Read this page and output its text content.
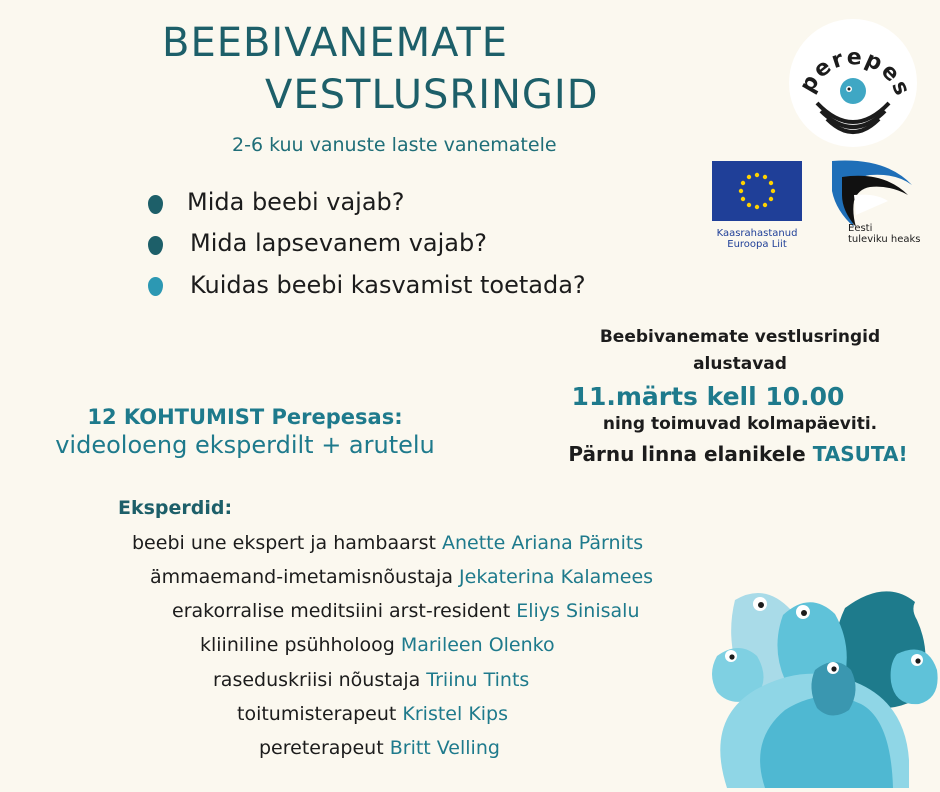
BEEBIVANEMATE
VESTLUSRINGID
2-6 kuu vanuste laste vanematele
Mida beebi vajab?
Mida lapsevanem vajab?
Kuidas beebi kasvamist toetada?
perepes
Kaasrahastanud
Euroopa Liit
Eesti
tuleviku heaks
12 KOHTUMIST Perepesas:
videoloeng eksperdilt + arutelu
Beebivanemate vestlusringid
alustavad
11.märts kell 10.00
ning toimuvad kolmapäeviti.
Pärnu linna elanikele TASUTA!
Eksperdid:
beebi une ekspert ja hambaarst Anette Ariana Pärnits
ämmaemand-imetamisnõustaja Jekaterina Kalamees
erakorralise meditsiini arst-resident Eliys Sinisalu
kliiniline psühholoog Marileen Olenko
raseduskriisi nõustaja Triinu Tints
toitumisterapeut Kristel Kips
pereterapeut Britt Velling
